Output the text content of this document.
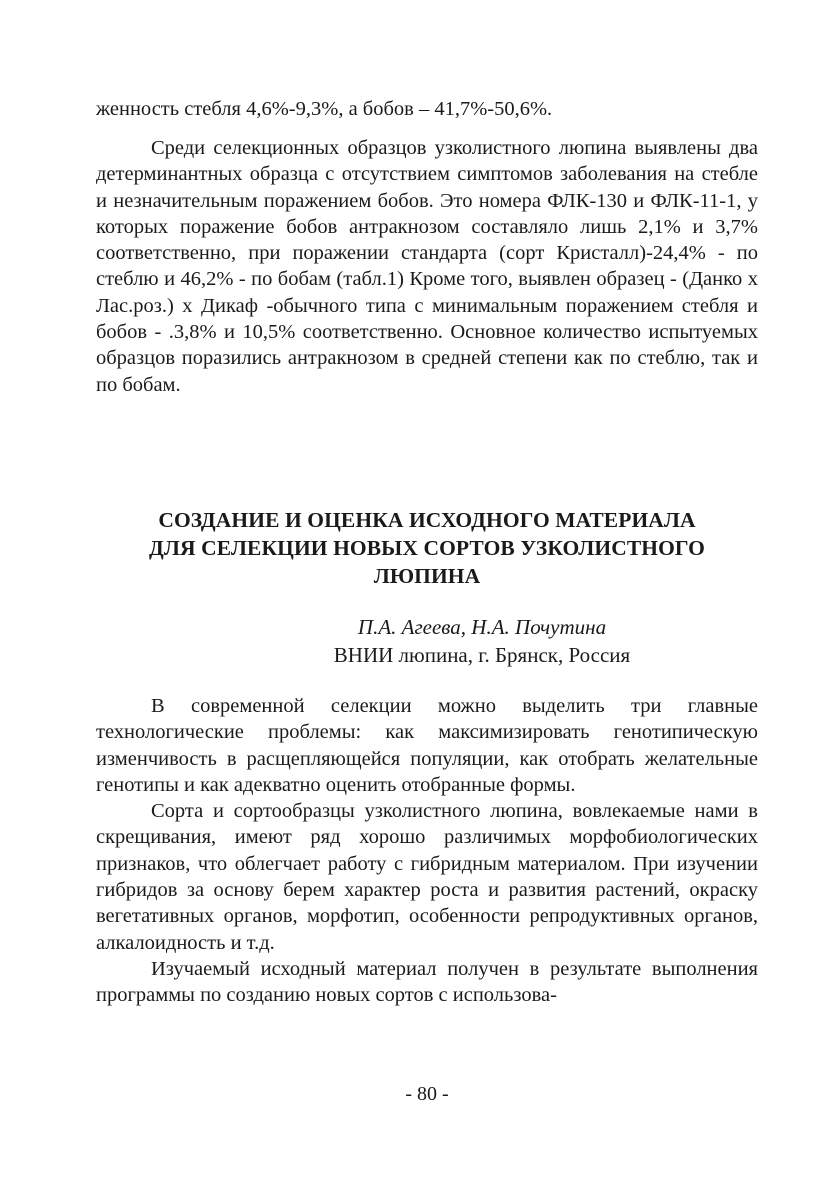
женность стебля 4,6%-9,3%, а бобов – 41,7%-50,6%.

Среди селекционных образцов узколистного люпина выявлены два детерминантных образца с отсутствием симптомов заболевания на стебле и незначительным поражением бобов. Это номера ФЛК-130 и ФЛК-11-1, у которых поражение бобов антракнозом составляло лишь 2,1% и 3,7% соответственно, при поражении стандарта (сорт Кристалл)-24,4% - по стеблю и 46,2% - по бобам (табл.1) Кроме того, выявлен образец - (Данко х Лас.роз.) х Дикаф -обычного типа с минимальным поражением стебля и бобов - .3,8% и 10,5% соответственно. Основное количество испытуемых образцов поразились антракнозом в средней степени как по стеблю, так и по бобам.

СОЗДАНИЕ И ОЦЕНКА ИСХОДНОГО МАТЕРИАЛА
ДЛЯ СЕЛЕКЦИИ НОВЫХ СОРТОВ УЗКОЛИСТНОГО
ЛЮПИНА
П.А. Агеева, Н.А. Почутина
ВНИИ люпина, г. Брянск, Россия

В современной селекции можно выделить три главные технологические проблемы: как максимизировать генотипическую изменчивость в расщепляющейся популяции, как отобрать желательные генотипы и как адекватно оценить отобранные формы.

Сорта и сортообразцы узколистного люпина, вовлекаемые нами в скрещивания, имеют ряд хорошо различимых морфобиологических признаков, что облегчает работу с гибридным материалом. При изучении гибридов за основу берем характер роста и развития растений, окраску вегетативных органов, морфотип, особенности репродуктивных органов, алкалоидность и т.д.

Изучаемый исходный материал получен в результате выполнения программы по созданию новых сортов с использова-

- 80 -
